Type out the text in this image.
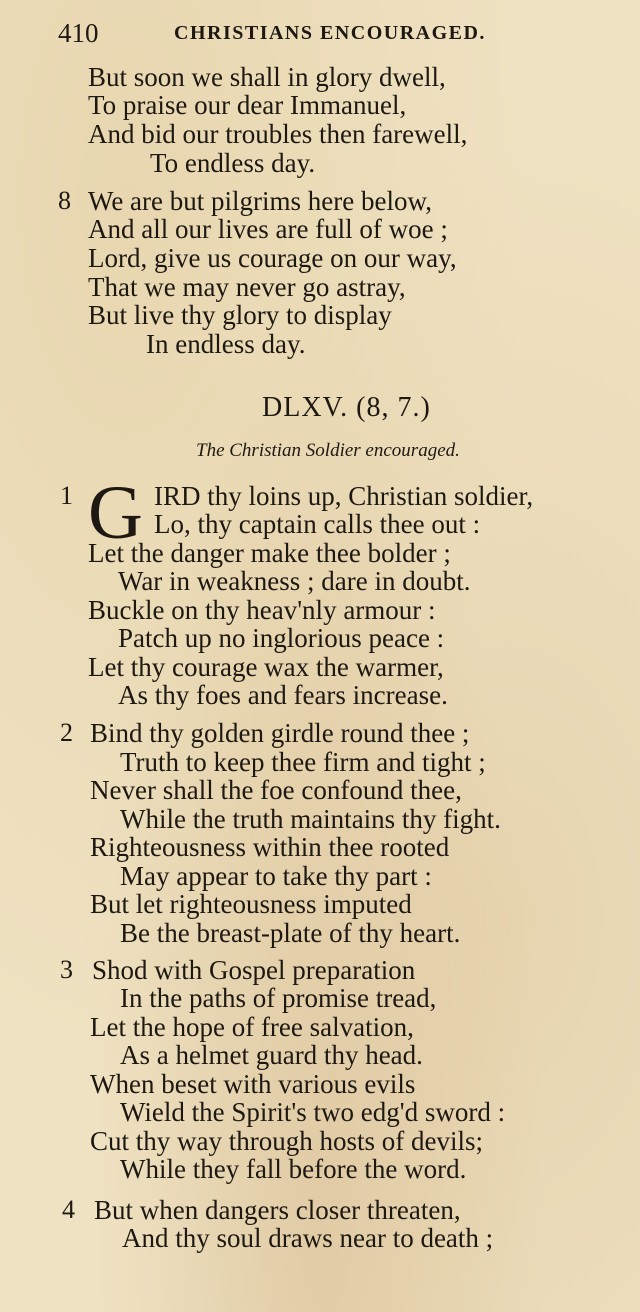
410	CHRISTIANS ENCOURAGED.
But soon we shall in glory dwell,
To praise our dear Immanuel,
And bid our troubles then farewell,
To endless day.
8 We are but pilgrims here below,
And all our lives are full of woe ;
Lord, give us courage on our way,
That we may never go astray,
But live thy glory to display
In endless day.
DLXV. (8, 7.)
The Christian Soldier encouraged.
1 G IRD thy loins up, Christian soldier,
Lo, thy captain calls thee out :
Let the danger make thee bolder ;
War in weakness ; dare in doubt.
Buckle on thy heav'nly armour :
Patch up no inglorious peace :
Let thy courage wax the warmer,
As thy foes and fears increase.
2 Bind thy golden girdle round thee ;
Truth to keep thee firm and tight ;
Never shall the foe confound thee,
While the truth maintains thy fight.
Righteousness within thee rooted
May appear to take thy part :
But let righteousness imputed
Be the breast-plate of thy heart.
3 Shod with Gospel preparation
In the paths of promise tread,
Let the hope of free salvation,
As a helmet guard thy head.
When beset with various evils
Wield the Spirit's two edg'd sword :
Cut thy way through hosts of devils;
While they fall before the word.
4 But when dangers closer threaten,
And thy soul draws near to death ;
